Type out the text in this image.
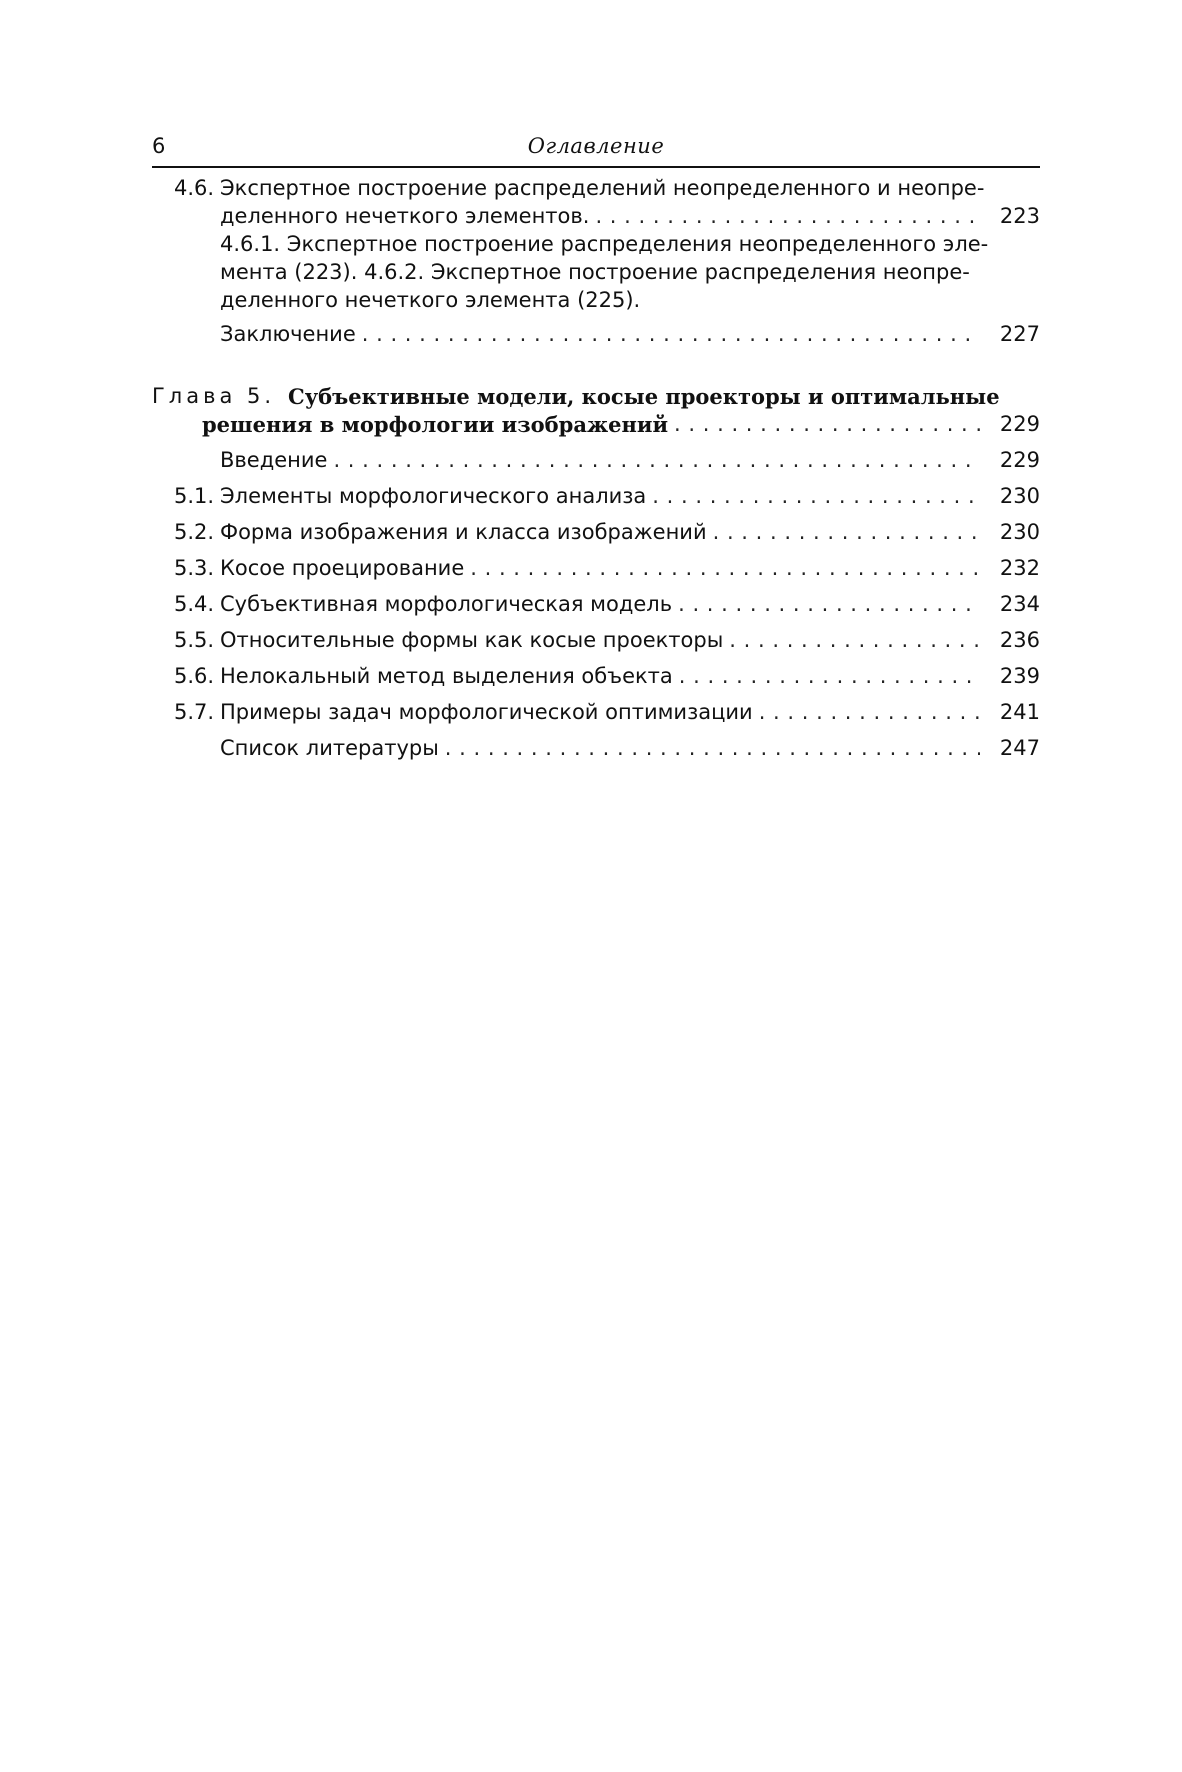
6	Оглавление
4.6. Экспертное построение распределений неопределенного и неопре-
деленного нечеткого элементов. . . .	223
4.6.1. Экспертное построение распределения неопределенного эле-
мента (223). 4.6.2. Экспертное построение распределения неопре-
деленного нечеткого элемента (225).
Заключение . . .	227
Глава 5. Субъективные модели, косые проекторы и оптимальные
решения в морфологии изображений . . .	229
Введение . . .	229
5.1. Элементы морфологического анализа . . .	230
5.2. Форма изображения и класса изображений . . .	230
5.3. Косое проецирование . . .	232
5.4. Субъективная морфологическая модель . . .	234
5.5. Относительные формы как косые проекторы . . .	236
5.6. Нелокальный метод выделения объекта . . .	239
5.7. Примеры задач морфологической оптимизации . . .	241
Список литературы . . .	247
